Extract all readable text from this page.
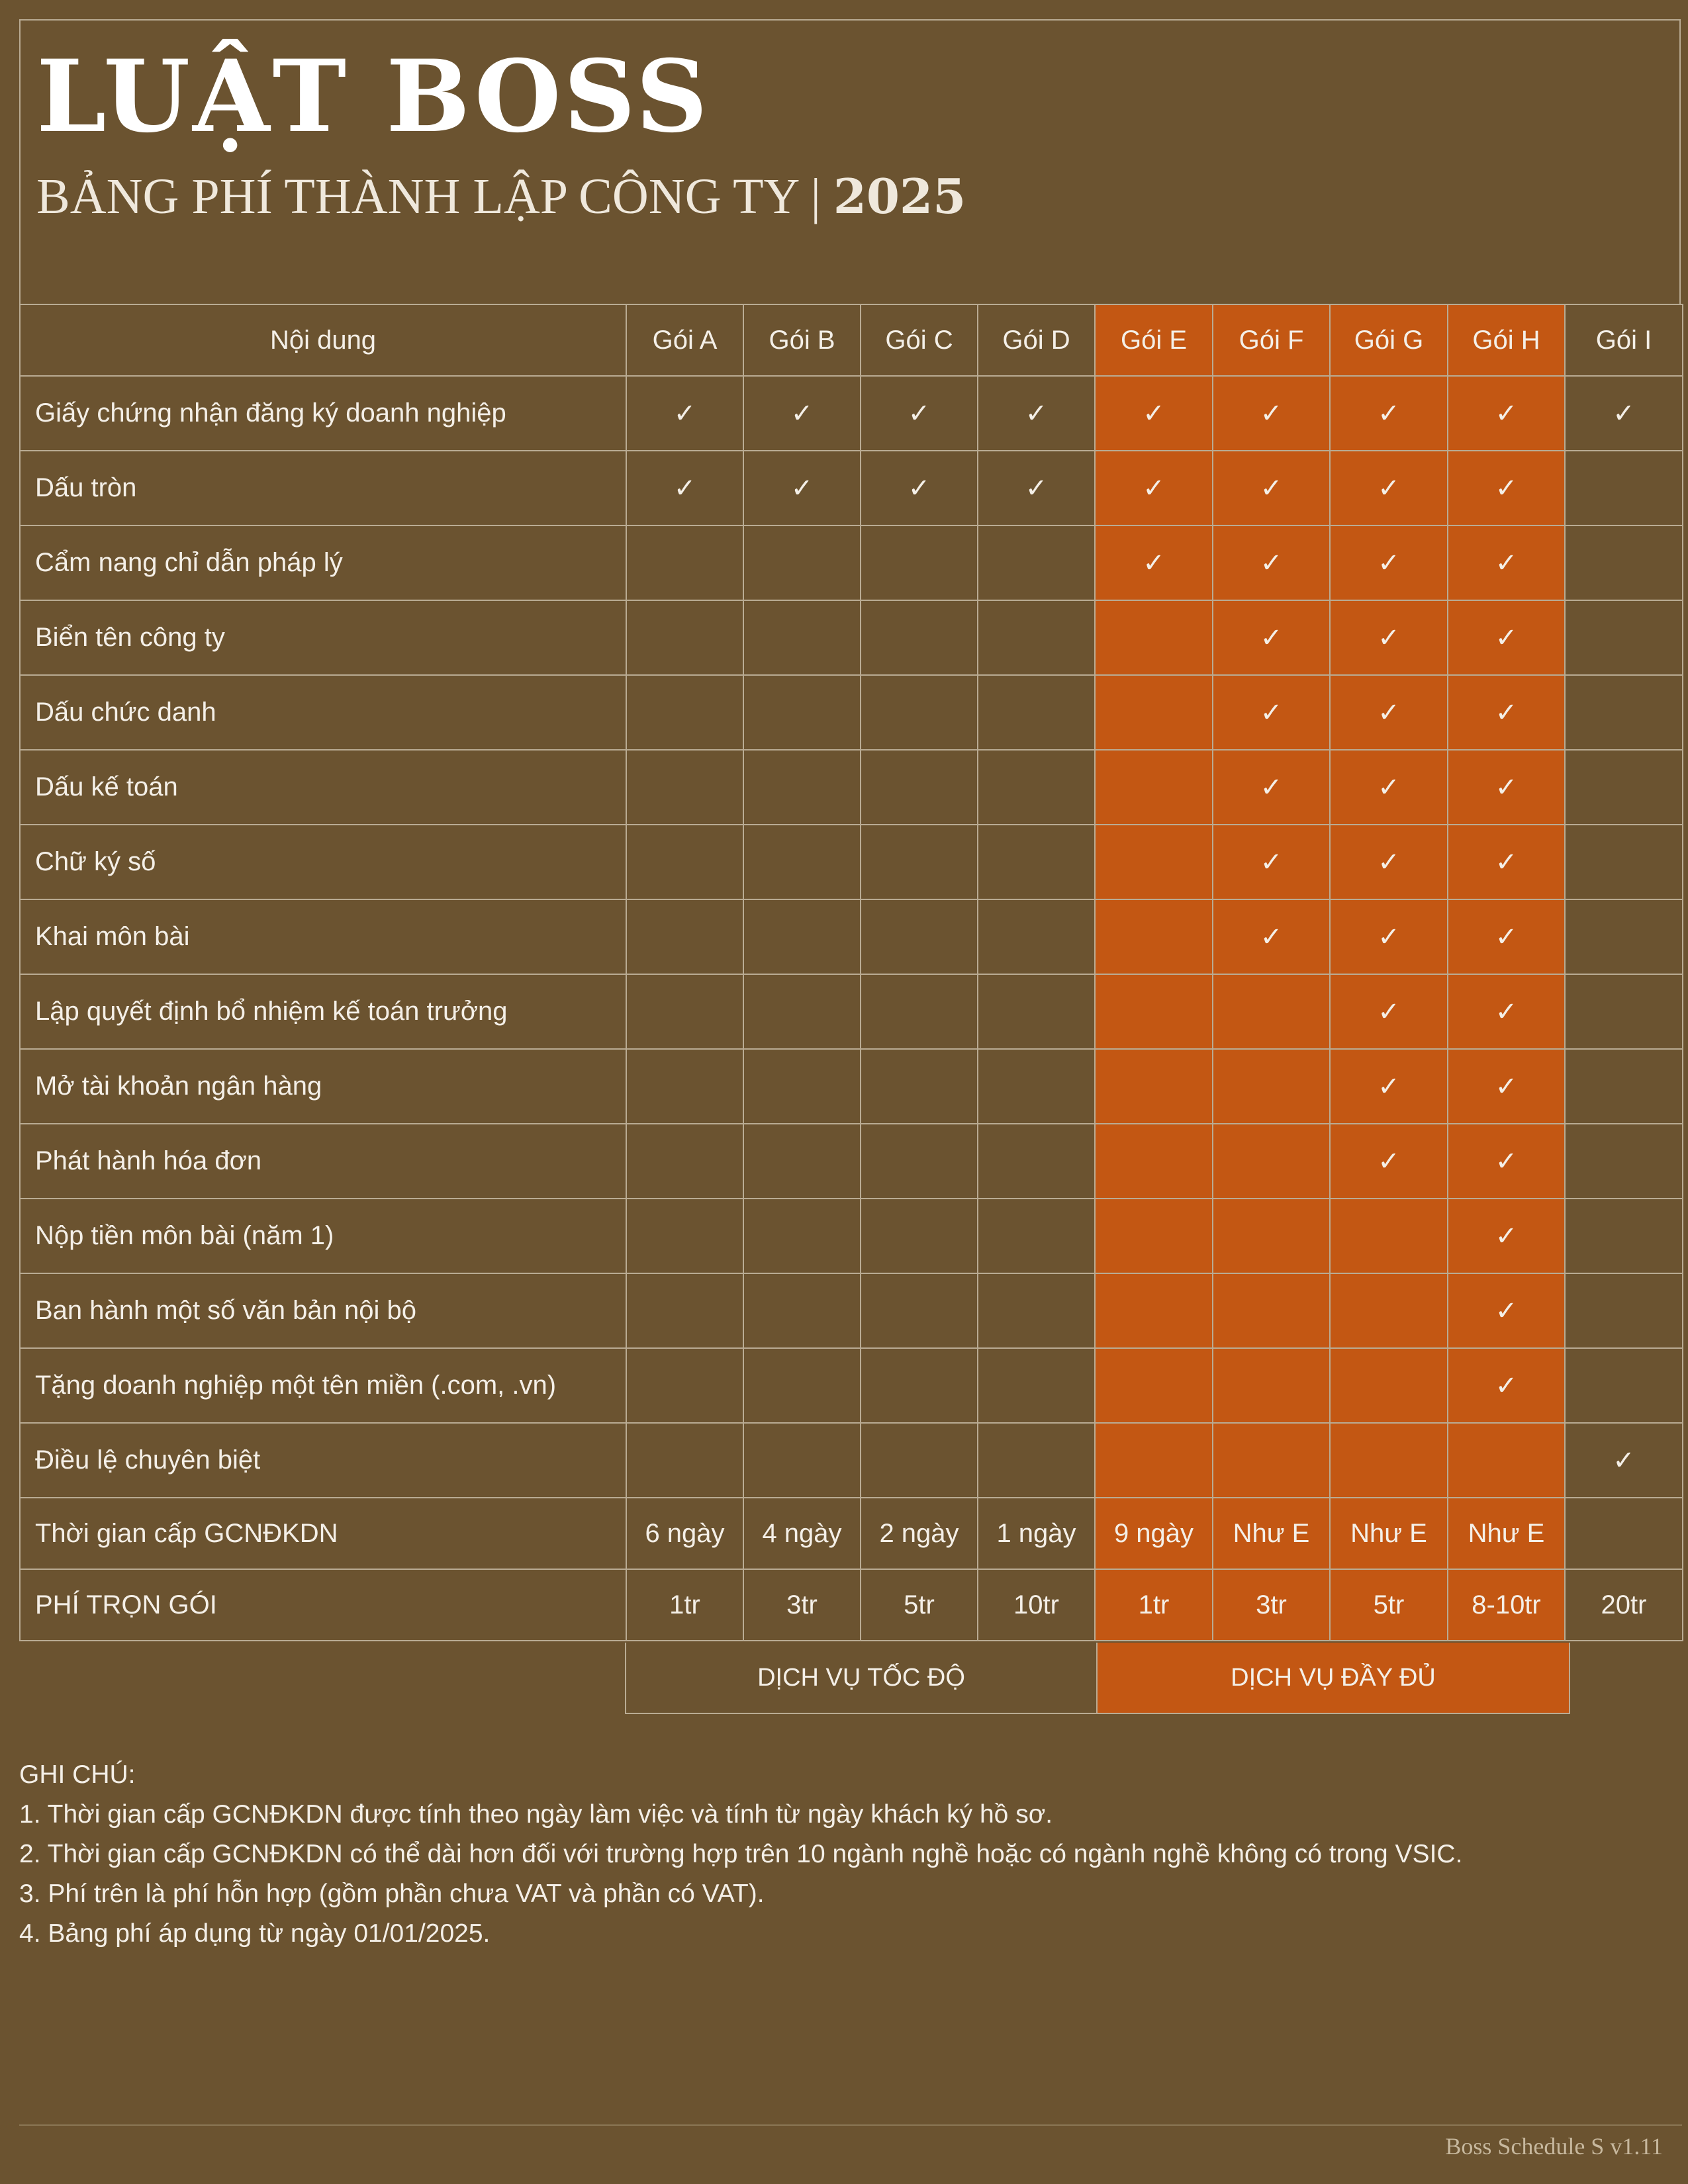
LUẬT BOSS
BẢNG PHÍ THÀNH LẬP CÔNG TY | 2025
Nội dung	Gói A	Gói B	Gói C	Gói D	Gói E	Gói F	Gói G	Gói H	Gói I
Giấy chứng nhận đăng ký doanh nghiệp	✓	✓	✓	✓	✓	✓	✓	✓	✓
Dấu tròn	✓	✓	✓	✓	✓	✓	✓	✓	
Cẩm nang chỉ dẫn pháp lý					✓	✓	✓	✓	
Biển tên công ty						✓	✓	✓	
Dấu chức danh						✓	✓	✓	
Dấu kế toán						✓	✓	✓	
Chữ ký số						✓	✓	✓	
Khai môn bài						✓	✓	✓	
Lập quyết định bổ nhiệm kế toán trưởng							✓	✓	
Mở tài khoản ngân hàng							✓	✓	
Phát hành hóa đơn							✓	✓	
Nộp tiền môn bài (năm 1)								✓	
Ban hành một số văn bản nội bộ								✓	
Tặng doanh nghiệp một tên miền (.com, .vn)								✓	
Điều lệ chuyên biệt									✓
Thời gian cấp GCNĐKDN	6 ngày	4 ngày	2 ngày	1 ngày	9 ngày	Như E	Như E	Như E	
PHÍ TRỌN GÓI	1tr	3tr	5tr	10tr	1tr	3tr	5tr	8-10tr	20tr
DỊCH VỤ TỐC ĐỘ	DỊCH VỤ ĐẦY ĐỦ
GHI CHÚ:
1. Thời gian cấp GCNĐKDN được tính theo ngày làm việc và tính từ ngày khách ký hồ sơ.
2. Thời gian cấp GCNĐKDN có thể dài hơn đối với trường hợp trên 10 ngành nghề hoặc có ngành nghề không có trong VSIC.
3. Phí trên là phí hỗn hợp (gồm phần chưa VAT và phần có VAT).
4. Bảng phí áp dụng từ ngày 01/01/2025.
Boss Schedule S v1.11
